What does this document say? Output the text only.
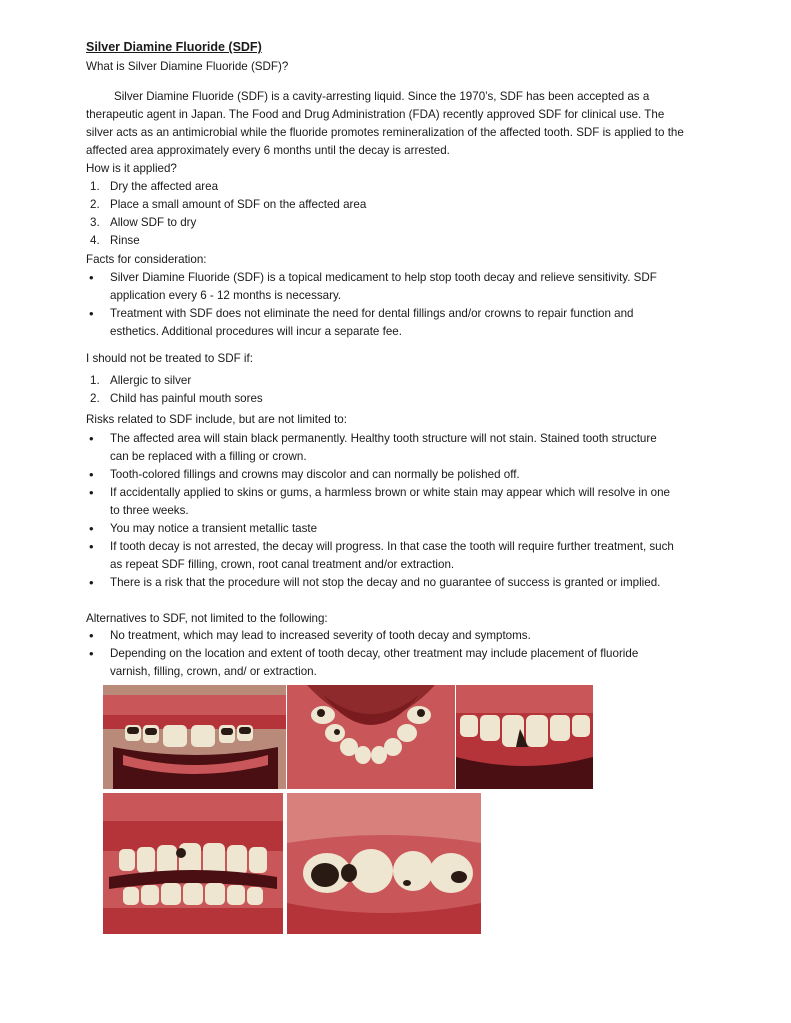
Silver Diamine Fluoride (SDF)
What is Silver Diamine Fluoride (SDF)?
Silver Diamine Fluoride (SDF) is a cavity-arresting liquid. Since the 1970’s, SDF has been accepted as a therapeutic agent in Japan. The Food and Drug Administration (FDA) recently approved SDF for clinical use. The silver acts as an antimicrobial while the fluoride promotes remineralization of the affected tooth. SDF is applied to the affected area approximately every 6 months until the decay is arrested.
How is it applied?
1. Dry the affected area
2. Place a small amount of SDF on the affected area
3. Allow SDF to dry
4. Rinse
Facts for consideration:
• Silver Diamine Fluoride (SDF) is a topical medicament to help stop tooth decay and relieve sensitivity. SDF application every 6 - 12 months is necessary.
• Treatment with SDF does not eliminate the need for dental fillings and/or crowns to repair function and esthetics. Additional procedures will incur a separate fee.
I should not be treated to SDF if:
1. Allergic to silver
2. Child has painful mouth sores
Risks related to SDF include, but are not limited to:
• The affected area will stain black permanently. Healthy tooth structure will not stain. Stained tooth structure can be replaced with a filling or crown.
• Tooth-colored fillings and crowns may discolor and can normally be polished off.
• If accidentally applied to skins or gums, a harmless brown or white stain may appear which will resolve in one to three weeks.
• You may notice a transient metallic taste
• If tooth decay is not arrested, the decay will progress. In that case the tooth will require further treatment, such as repeat SDF filling, crown, root canal treatment and/or extraction.
• There is a risk that the procedure will not stop the decay and no guarantee of success is granted or implied.
Alternatives to SDF, not limited to the following:
• No treatment, which may lead to increased severity of tooth decay and symptoms.
• Depending on the location and extent of tooth decay, other treatment may include placement of fluoride varnish, filling, crown, and/ or extraction.
